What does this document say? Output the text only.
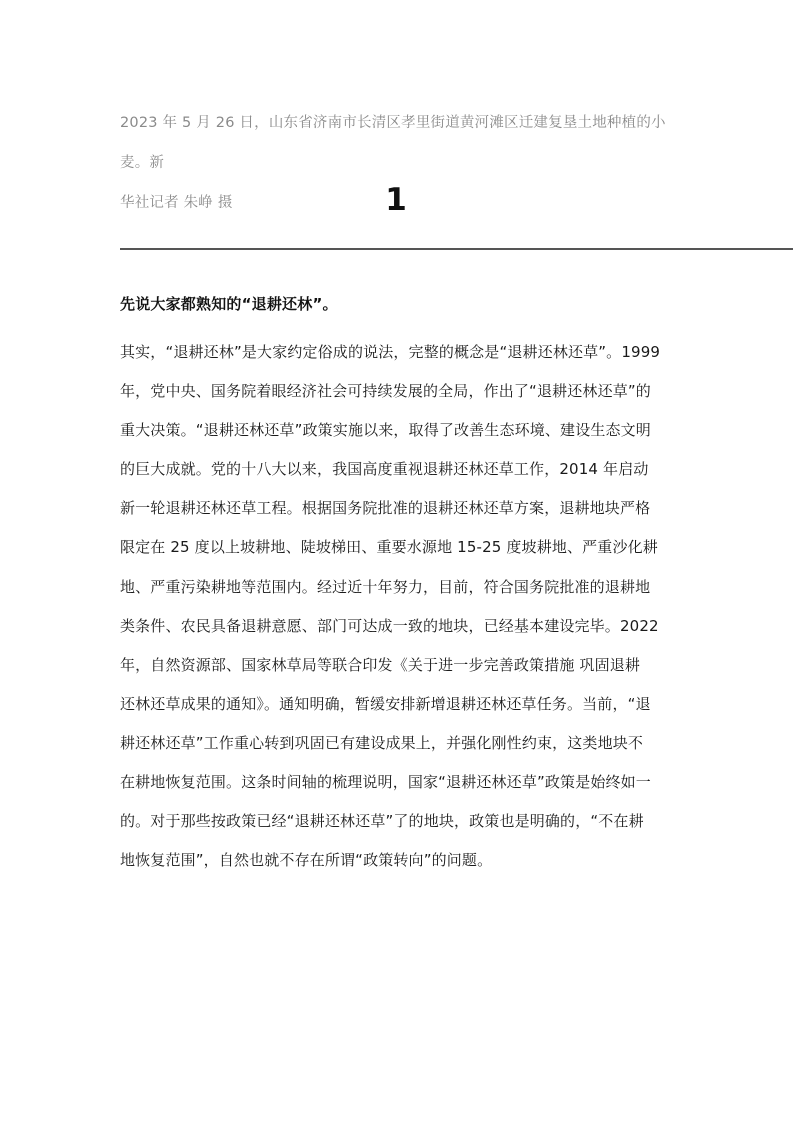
2023 年 5 月 26 日，山东省济南市长清区孝里街道黄河滩区迁建复垦土地种植的小麦。新
华社记者 朱峥 摄	1
先说大家都熟知的“退耕还林”。
其实，“退耕还林”是大家约定俗成的说法，完整的概念是“退耕还林还草”。1999
年，党中央、国务院着眼经济社会可持续发展的全局，作出了“退耕还林还草”的
重大决策。“退耕还林还草”政策实施以来，取得了改善生态环境、建设生态文明
的巨大成就。党的十八大以来，我国高度重视退耕还林还草工作，2014 年启动
新一轮退耕还林还草工程。根据国务院批准的退耕还林还草方案，退耕地块严格
限定在 25 度以上坡耕地、陡坡梯田、重要水源地 15-25 度坡耕地、严重沙化耕
地、严重污染耕地等范围内。经过近十年努力，目前，符合国务院批准的退耕地
类条件、农民具备退耕意愿、部门可达成一致的地块，已经基本建设完毕。2022
年，自然资源部、国家林草局等联合印发《关于进一步完善政策措施 巩固退耕
还林还草成果的通知》。通知明确，暂缓安排新增退耕还林还草任务。当前，“退
耕还林还草”工作重心转到巩固已有建设成果上，并强化刚性约束，这类地块不
在耕地恢复范围。这条时间轴的梳理说明，国家“退耕还林还草”政策是始终如一
的。对于那些按政策已经“退耕还林还草”了的地块，政策也是明确的，“不在耕
地恢复范围”，自然也就不存在所谓“政策转向”的问题。
